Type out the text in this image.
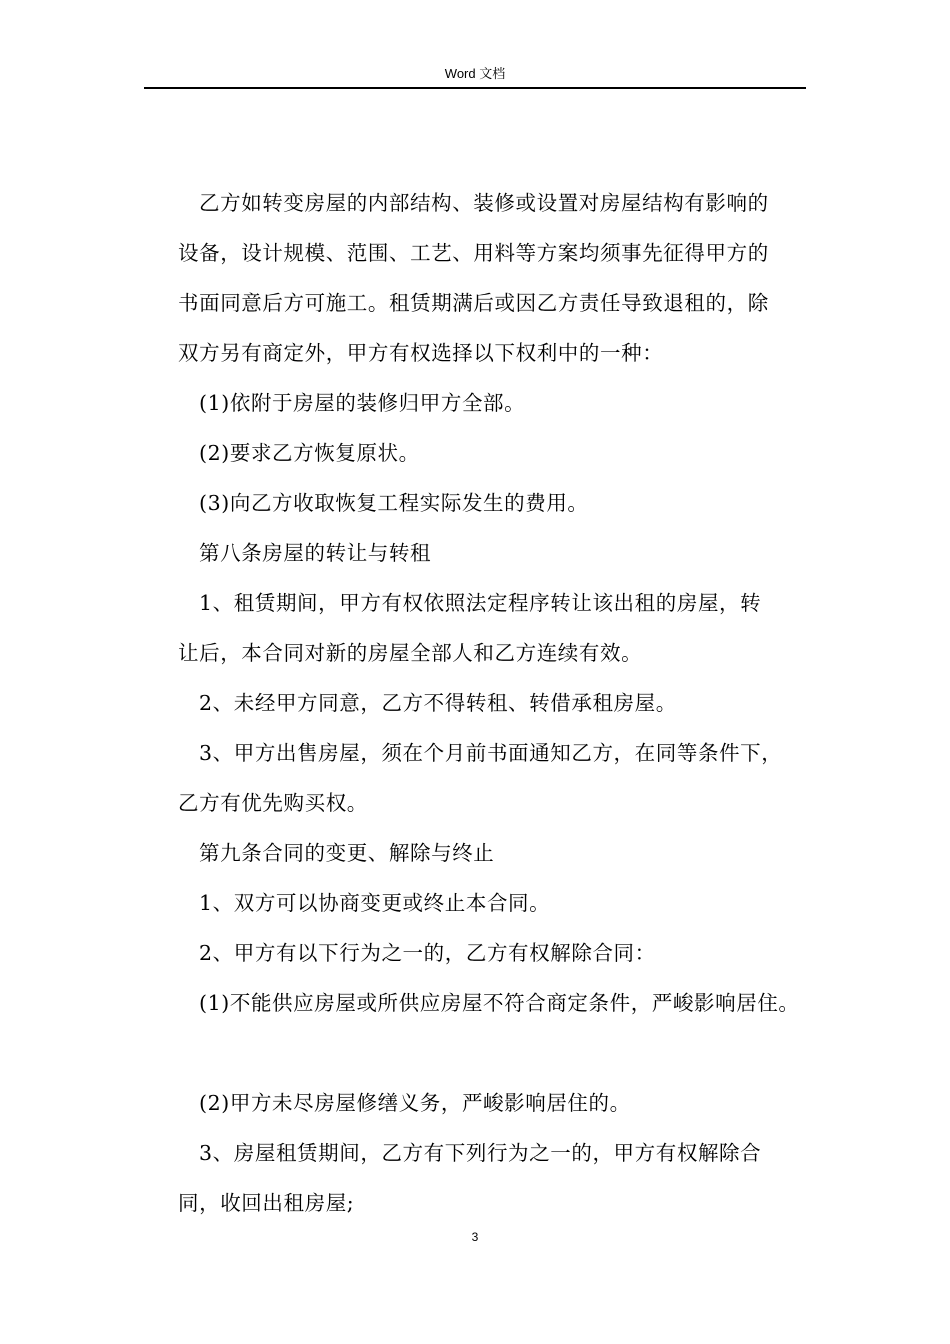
Word 文档

乙方如转变房屋的内部结构、装修或设置对房屋结构有影响的

设备，设计规模、范围、工艺、用料等方案均须事先征得甲方的

书面同意后方可施工。租赁期满后或因乙方责任导致退租的，除

双方另有商定外，甲方有权选择以下权利中的一种：

(1)依附于房屋的装修归甲方全部。

(2)要求乙方恢复原状。

(3)向乙方收取恢复工程实际发生的费用。

第八条房屋的转让与转租

1、租赁期间，甲方有权依照法定程序转让该出租的房屋，转

让后，本合同对新的房屋全部人和乙方连续有效。

2、未经甲方同意，乙方不得转租、转借承租房屋。

3、甲方出售房屋，须在个月前书面通知乙方，在同等条件下，

乙方有优先购买权。

第九条合同的变更、解除与终止

1、双方可以协商变更或终止本合同。

2、甲方有以下行为之一的，乙方有权解除合同：

(1)不能供应房屋或所供应房屋不符合商定条件，严峻影响居住。

(2)甲方未尽房屋修缮义务，严峻影响居住的。

3、房屋租赁期间，乙方有下列行为之一的，甲方有权解除合

同，收回出租房屋;

3
